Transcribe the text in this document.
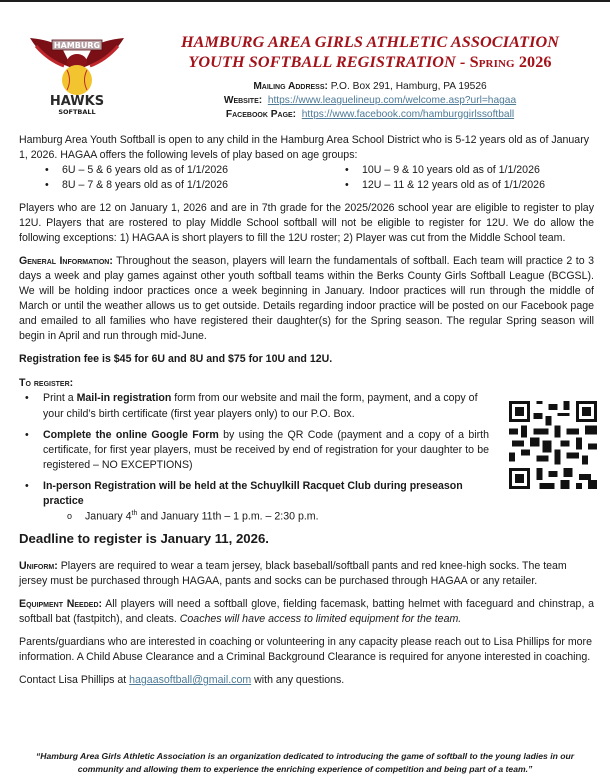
HAMBURG
HAWKS
SOFTBALL
HAMBURG AREA GIRLS ATHLETIC ASSOCIATION
YOUTH SOFTBALL REGISTRATION - Spring 2026
Mailing Address: P.O. Box 291, Hamburg, PA 19526
Website: https://www.leaguelineup.com/welcome.asp?url=hagaa
Facebook Page: https://www.facebook.com/hamburggirlssoftball

Hamburg Area Youth Softball is open to any child in the Hamburg Area School District who is 5-12 years old as of January 1, 2026. HAGAA offers the following levels of play based on age groups:

• 6U – 5 & 6 years old as of 1/1/2026	• 10U – 9 & 10 years old as of 1/1/2026
• 8U – 7 & 8 years old as of 1/1/2026	• 12U – 11 & 12 years old as of 1/1/2026

Players who are 12 on January 1, 2026 and are in 7th grade for the 2025/2026 school year are eligible to register to play 12U. Players that are rostered to play Middle School softball will not be eligible to register for 12U. We do allow the following exceptions: 1) HAGAA is short players to fill the 12U roster; 2) Player was cut from the Middle School team.

General Information: Throughout the season, players will learn the fundamentals of softball. Each team will practice 2 to 3 days a week and play games against other youth softball teams within the Berks County Girls Softball League (BCGSL). We will be holding indoor practices once a week beginning in January. Indoor practices will run through the middle of March or until the weather allows us to get outside. Details regarding indoor practice will be posted on our Facebook page and emailed to all families who have registered their daughter(s) for the Spring season. The regular Spring season will begin in April and run through mid-June.

Registration fee is $45 for 6U and 8U and $75 for 10U and 12U.

To register:

• Print a Mail-in registration form from our website and mail the form, payment, and a copy of your child’s birth certificate (first year players only) to our P.O. Box.
• Complete the online Google Form by using the QR Code (payment and a copy of a birth certificate, for first year players, must be received by end of registration for your daughter to be registered – NO EXCEPTIONS)
• In-person Registration will be held at the Schuylkill Racquet Club during preseason practice
o January 4th and January 11th – 1 p.m. – 2:30 p.m.

Deadline to register is January 11, 2026.

Uniform: Players are required to wear a team jersey, black baseball/softball pants and red knee-high socks. The team jersey must be purchased through HAGAA, pants and socks can be purchased through HAGAA or any retailer.

Equipment Needed: All players will need a softball glove, fielding facemask, batting helmet with faceguard and chinstrap, a softball bat (fastpitch), and cleats. Coaches will have access to limited equipment for the team.

Parents/guardians who are interested in coaching or volunteering in any capacity please reach out to Lisa Phillips for more information. A Child Abuse Clearance and a Criminal Background Clearance is required for anyone interested in coaching.

Contact Lisa Phillips at hagaasoftball@gmail.com with any questions.

“Hamburg Area Girls Athletic Association is an organization dedicated to introducing the game of softball to the young ladies in our community and allowing them to experience the enriching experience of competition and being part of a team.”
